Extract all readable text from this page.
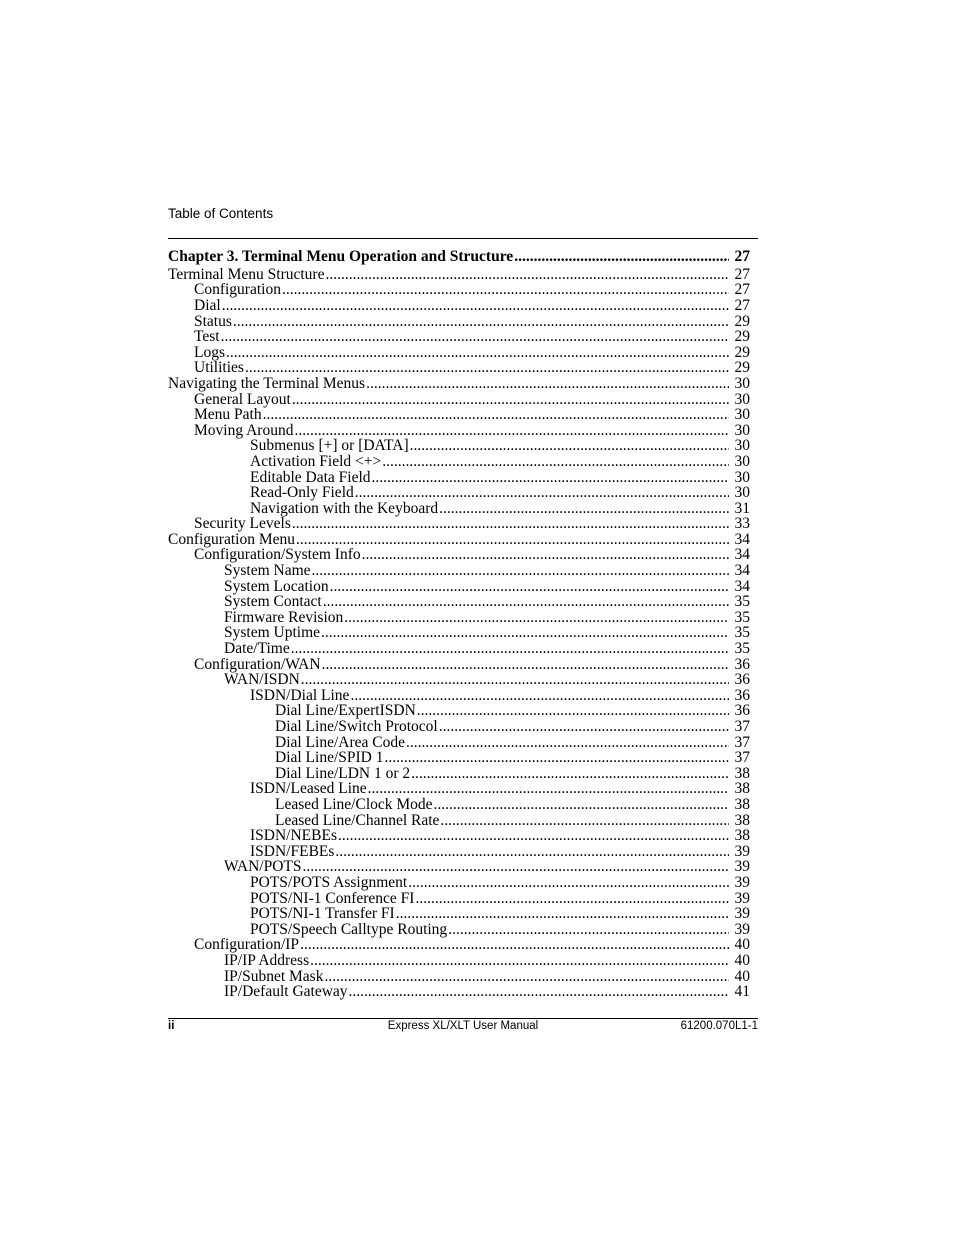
Table of Contents
Chapter 3. Terminal Menu Operation and Structure .....	27
Terminal Menu Structure .....	27
Configuration .....	27
Dial .....	27
Status .....	29
Test .....	29
Logs .....	29
Utilities .....	29
Navigating the Terminal Menus .....	30
General Layout .....	30
Menu Path .....	30
Moving Around .....	30
Submenus [+] or [DATA] .....	30
Activation Field <+> .....	30
Editable Data Field .....	30
Read-Only Field .....	30
Navigation with the Keyboard .....	31
Security Levels .....	33
Configuration Menu .....	34
Configuration/System Info .....	34
System Name .....	34
System Location .....	34
System Contact .....	35
Firmware Revision .....	35
System Uptime .....	35
Date/Time .....	35
Configuration/WAN .....	36
WAN/ISDN .....	36
ISDN/Dial Line .....	36
Dial Line/ExpertISDN .....	36
Dial Line/Switch Protocol .....	37
Dial Line/Area Code .....	37
Dial Line/SPID 1 .....	37
Dial Line/LDN 1 or 2 .....	38
ISDN/Leased Line .....	38
Leased Line/Clock Mode .....	38
Leased Line/Channel Rate .....	38
ISDN/NEBEs .....	38
ISDN/FEBEs .....	39
WAN/POTS .....	39
POTS/POTS Assignment .....	39
POTS/NI-1 Conference FI .....	39
POTS/NI-1 Transfer FI .....	39
POTS/Speech Calltype Routing .....	39
Configuration/IP .....	40
IP/IP Address .....	40
IP/Subnet Mask .....	40
IP/Default Gateway .....	41
ii	Express XL/XLT User Manual	61200.070L1-1
